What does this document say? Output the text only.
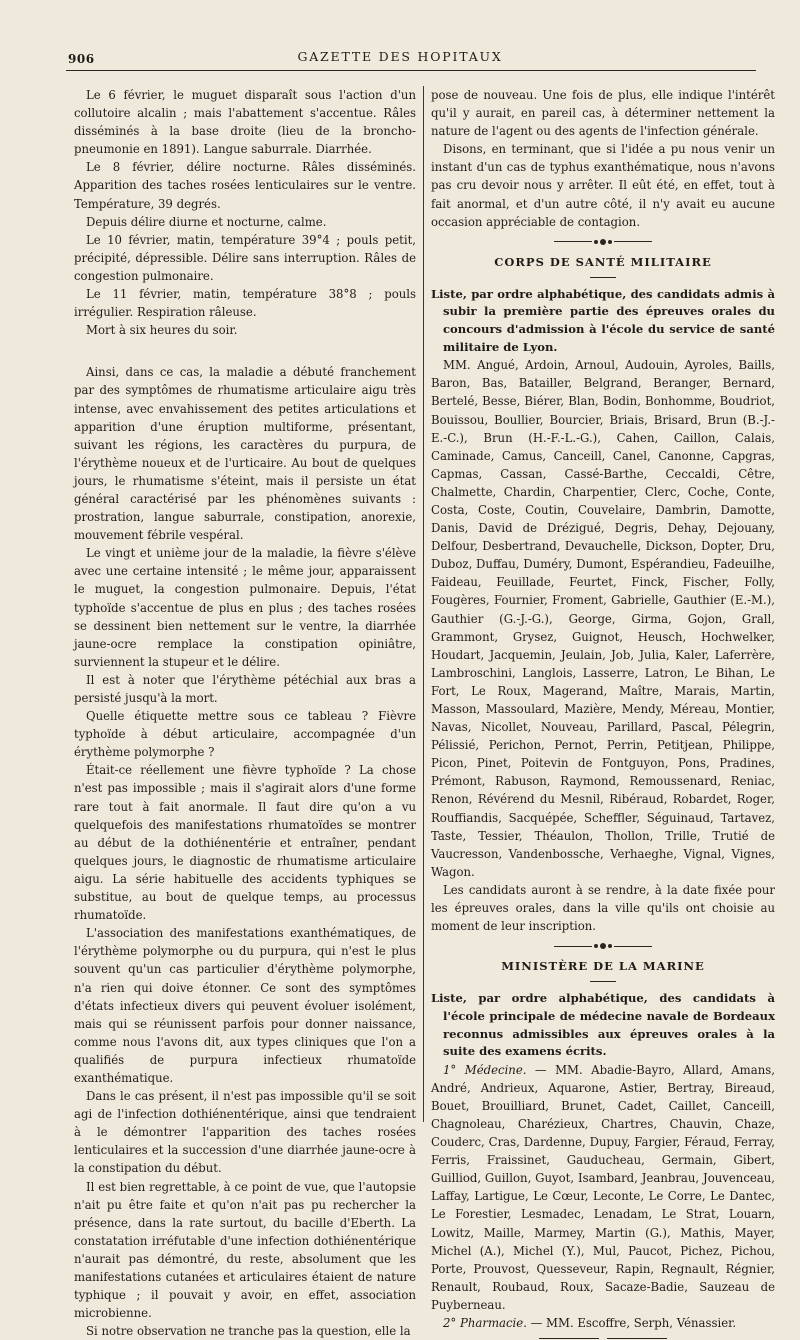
906	GAZETTE DES HOPITAUX

Le 6 février, le muguet disparaît sous l'action d'un collutoire alcalin ; mais l'abattement s'accentue. Râles disséminés à la base droite (lieu de la broncho-pneumonie en 1891). Langue saburrale. Diarrhée.

Le 8 février, délire nocturne. Râles disséminés. Apparition des taches rosées lenticulaires sur le ventre. Température, 39 degrés.

Depuis délire diurne et nocturne, calme.

Le 10 février, matin, température 39°4 ; pouls petit, précipité, dépressible. Délire sans interruption. Râles de congestion pulmonaire.

Le 11 février, matin, température 38°8 ; pouls irrégulier. Respiration râleuse.

Mort à six heures du soir.

Ainsi, dans ce cas, la maladie a débuté franchement par des symptômes de rhumatisme articulaire aigu très intense, avec envahissement des petites articulations et apparition d'une éruption multiforme, présentant, suivant les régions, les caractères du purpura, de l'érythème noueux et de l'urticaire. Au bout de quelques jours, le rhumatisme s'éteint, mais il persiste un état général caractérisé par les phénomènes suivants : prostration, langue saburrale, constipation, anorexie, mouvement fébrile vespéral.

Le vingt et unième jour de la maladie, la fièvre s'élève avec une certaine intensité ; le même jour, apparaissent le muguet, la congestion pulmonaire. Depuis, l'état typhoïde s'accentue de plus en plus ; des taches rosées se dessinent bien nettement sur le ventre, la diarrhée jaune-ocre remplace la constipation opiniâtre, surviennent la stupeur et le délire.

Il est à noter que l'érythème pétéchial aux bras a persisté jusqu'à la mort.

Quelle étiquette mettre sous ce tableau ? Fièvre typhoïde à début articulaire, accompagnée d'un érythème polymorphe ?

Était-ce réellement une fièvre typhoïde ? La chose n'est pas impossible ; mais il s'agirait alors d'une forme rare tout à fait anormale. Il faut dire qu'on a vu quelquefois des manifestations rhumatoïdes se montrer au début de la dothiénentérie et entraîner, pendant quelques jours, le diagnostic de rhumatisme articulaire aigu. La série habituelle des accidents typhiques se substitue, au bout de quelque temps, au processus rhumatoïde.

L'association des manifestations exanthématiques, de l'érythème polymorphe ou du purpura, qui n'est le plus souvent qu'un cas particulier d'érythème polymorphe, n'a rien qui doive étonner. Ce sont des symptômes d'états infectieux divers qui peuvent évoluer isolément, mais qui se réunissent parfois pour donner naissance, comme nous l'avons dit, aux types cliniques que l'on a qualifiés de purpura infectieux rhumatoïde exanthématique.

Dans le cas présent, il n'est pas impossible qu'il se soit agi de l'infection dothiénentérique, ainsi que tendraient à le démontrer l'apparition des taches rosées lenticulaires et la succession d'une diarrhée jaune-ocre à la constipation du début.

Il est bien regrettable, à ce point de vue, que l'autopsie n'ait pu être faite et qu'on n'ait pas pu rechercher la présence, dans la rate surtout, du bacille d'Eberth. La constatation irréfutable d'une infection dothiénentérique n'aurait pas démontré, du reste, absolument que les manifestations cutanées et articulaires étaient de nature typhique ; il pouvait y avoir, en effet, association microbienne.

Si notre observation ne tranche pas la question, elle la

pose de nouveau. Une fois de plus, elle indique l'intérêt qu'il y aurait, en pareil cas, à déterminer nettement la nature de l'agent ou des agents de l'infection générale.

Disons, en terminant, que si l'idée a pu nous venir un instant d'un cas de typhus exanthématique, nous n'avons pas cru devoir nous y arrêter. Il eût été, en effet, tout à fait anormal, et d'un autre côté, il n'y avait eu aucune occasion appréciable de contagion.

CORPS DE SANTÉ MILITAIRE

Liste, par ordre alphabétique, des candidats admis à subir la première partie des épreuves orales du concours d'admission à l'école du service de santé militaire de Lyon.

MM. Angué, Ardoin, Arnoul, Audouin, Ayroles, Baills, Baron, Bas, Batailler, Belgrand, Beranger, Bernard, Bertelé, Besse, Biérer, Blan, Bodin, Bonhomme, Boudriot, Bouissou, Boullier, Bourcier, Briais, Brisard, Brun (B.-J.-E.-C.), Brun (H.-F.-L.-G.), Cahen, Caillon, Calais, Caminade, Camus, Canceill, Canel, Canonne, Capgras, Capmas, Cassan, Cassé-Barthe, Ceccaldi, Cêtre, Chalmette, Chardin, Charpentier, Clerc, Coche, Conte, Costa, Coste, Coutin, Couvelaire, Dambrin, Damotte, Danis, David de Drézigué, Degris, Dehay, Dejouany, Delfour, Desbertrand, Devauchelle, Dickson, Dopter, Dru, Duboz, Duffau, Duméry, Dumont, Espérandieu, Fadeuilhe, Faideau, Feuillade, Feurtet, Finck, Fischer, Folly, Fougères, Fournier, Froment, Gabrielle, Gauthier (E.-M.), Gauthier (G.-J.-G.), George, Girma, Gojon, Grall, Grammont, Grysez, Guignot, Heusch, Hochwelker, Houdart, Jacquemin, Jeulain, Job, Julia, Kaler, Laferrère, Lambroschini, Langlois, Lasserre, Latron, Le Bihan, Le Fort, Le Roux, Magerand, Maître, Marais, Martin, Masson, Massoulard, Mazière, Mendy, Méreau, Montier, Navas, Nicollet, Nouveau, Parillard, Pascal, Pélegrin, Pélissié, Perichon, Pernot, Perrin, Petitjean, Philippe, Picon, Pinet, Poitevin de Fontguyon, Pons, Pradines, Prémont, Rabuson, Raymond, Remoussenard, Reniac, Renon, Révérend du Mesnil, Ribéraud, Robardet, Roger, Rouffiandis, Sacquépée, Scheffler, Séguinaud, Tartavez, Taste, Tessier, Théaulon, Thollon, Trille, Trutié de Vaucresson, Vandenbossche, Verhaeghe, Vignal, Vignes, Wagon.

Les candidats auront à se rendre, à la date fixée pour les épreuves orales, dans la ville qu'ils ont choisie au moment de leur inscription.

MINISTÈRE DE LA MARINE

Liste, par ordre alphabétique, des candidats à l'école principale de médecine navale de Bordeaux reconnus admissibles aux épreuves orales à la suite des examens écrits.

1° Médecine. — MM. Abadie-Bayro, Allard, Amans, André, Andrieux, Aquarone, Astier, Bertray, Bireaud, Bouet, Brouilliard, Brunet, Cadet, Caillet, Canceill, Chagnoleau, Charézieux, Chartres, Chauvin, Chaze, Couderc, Cras, Dardenne, Dupuy, Fargier, Féraud, Ferray, Ferris, Fraissinet, Gauducheau, Germain, Gibert, Guilliod, Guillon, Guyot, Isambard, Jeanbrau, Jouvenceau, Laffay, Lartigue, Le Cœur, Leconte, Le Corre, Le Dantec, Le Forestier, Lesmadec, Lenadam, Le Strat, Louarn, Lowitz, Maille, Marmey, Martin (G.), Mathis, Mayer, Michel (A.), Michel (Y.), Mul, Paucot, Pichez, Pichou, Porte, Prouvost, Quesseveur, Rapin, Regnault, Régnier, Renault, Roubaud, Roux, Sacaze-Badie, Sauzeau de Puyberneau.

2° Pharmacie. — MM. Escoffre, Serph, Vénassier.
